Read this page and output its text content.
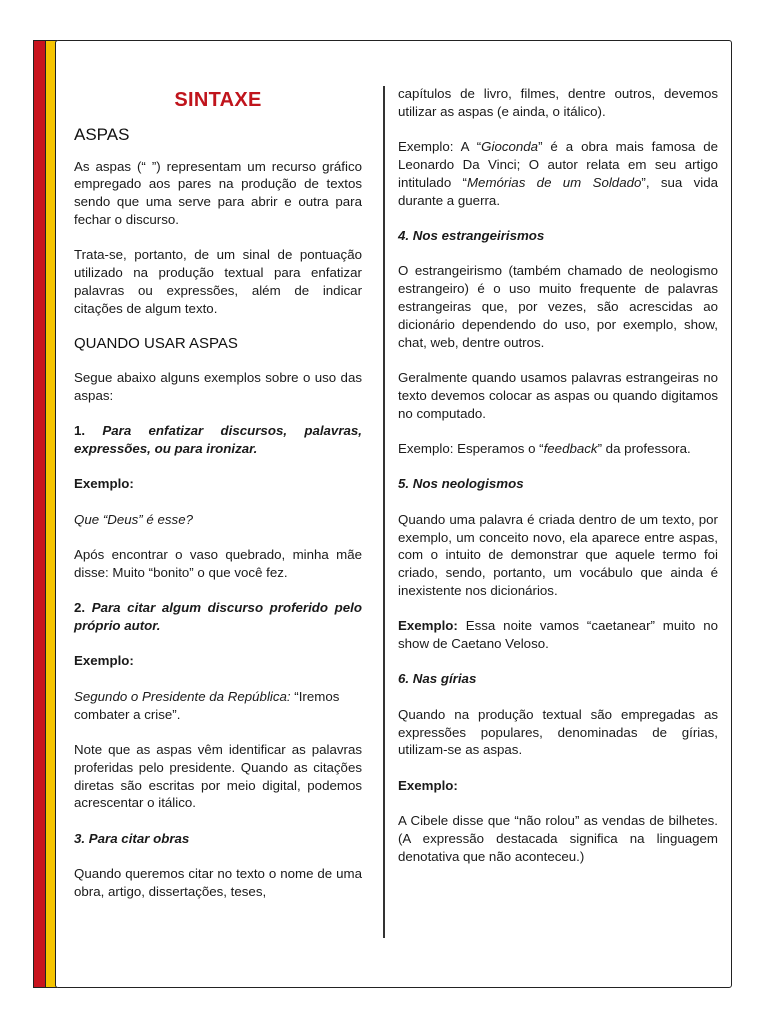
SINTAXE
ASPAS

As aspas (“ ”) representam um recurso gráfico empregado aos pares na produção de textos sendo que uma serve para abrir e outra para fechar o discurso.

Trata-se, portanto, de um sinal de pontuação utilizado na produção textual para enfatizar palavras ou expressões, além de indicar citações de algum texto.

QUANDO USAR ASPAS

Segue abaixo alguns exemplos sobre o uso das aspas:

1. Para enfatizar discursos, palavras, expressões, ou para ironizar.

Exemplo:

Que “Deus” é esse?

Após encontrar o vaso quebrado, minha mãe disse: Muito “bonito” o que você fez.

2. Para citar algum discurso proferido pelo próprio autor.

Exemplo:

Segundo o Presidente da República: “Iremos combater a crise”.

Note que as aspas vêm identificar as palavras proferidas pelo presidente. Quando as citações diretas são escritas por meio digital, podemos acrescentar o itálico.

3. Para citar obras

Quando queremos citar no texto o nome de uma obra, artigo, dissertações, teses,

capítulos de livro, filmes, dentre outros, devemos utilizar as aspas (e ainda, o itálico).

Exemplo: A “Gioconda” é a obra mais famosa de Leonardo Da Vinci; O autor relata em seu artigo intitulado “Memórias de um Soldado”, sua vida durante a guerra.

4. Nos estrangeirismos

O estrangeirismo (também chamado de neologismo estrangeiro) é o uso muito frequente de palavras estrangeiras que, por vezes, são acrescidas ao dicionário dependendo do uso, por exemplo, show, chat, web, dentre outros.

Geralmente quando usamos palavras estrangeiras no texto devemos colocar as aspas ou quando digitamos no computado.

Exemplo: Esperamos o “feedback” da professora.

5. Nos neologismos

Quando uma palavra é criada dentro de um texto, por exemplo, um conceito novo, ela aparece entre aspas, com o intuito de demonstrar que aquele termo foi criado, sendo, portanto, um vocábulo que ainda é inexistente nos dicionários.

Exemplo: Essa noite vamos “caetanear” muito no show de Caetano Veloso.

6. Nas gírias

Quando na produção textual são empregadas as expressões populares, denominadas de gírias, utilizam-se as aspas.

Exemplo:

A Cibele disse que “não rolou” as vendas de bilhetes. (A expressão destacada significa na linguagem denotativa que não aconteceu.)
